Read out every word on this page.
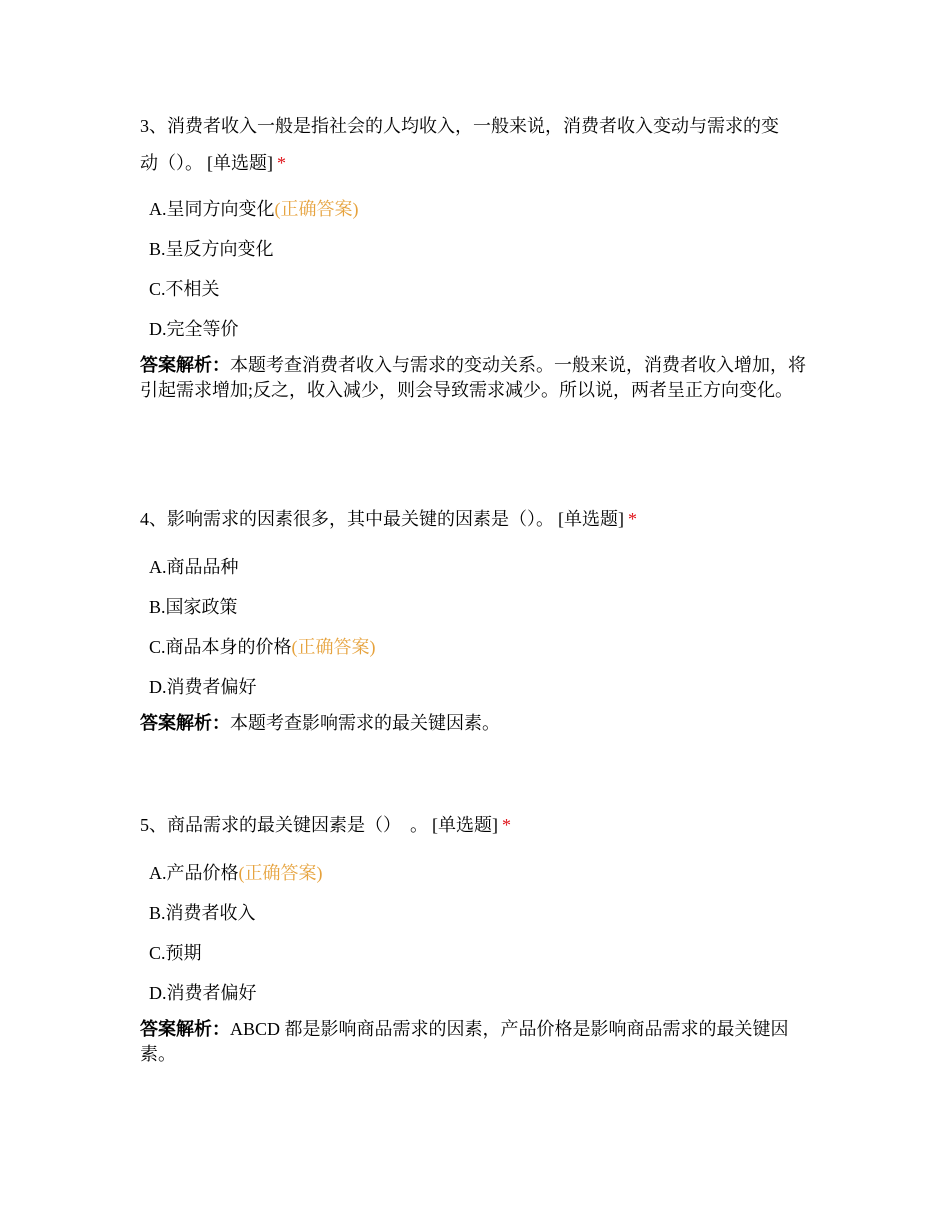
3、消费者收入一般是指社会的人均收入，一般来说，消费者收入变动与需求的变
动（）。 [单选题] *

A.呈同方向变化(正确答案)
B.呈反方向变化
C.不相关
D.完全等价
答案解析：本题考查消费者收入与需求的变动关系。一般来说，消费者收入增加，将引起需求增加;反之，收入减少，则会导致需求减少。所以说，两者呈正方向变化。

4、影响需求的因素很多，其中最关键的因素是（）。 [单选题] *

A.商品品种
B.国家政策
C.商品本身的价格(正确答案)
D.消费者偏好
答案解析：本题考查影响需求的最关键因素。

5、商品需求的最关键因素是（）　。 [单选题] *

A.产品价格(正确答案)
B.消费者收入
C.预期
D.消费者偏好
答案解析：ABCD 都是影响商品需求的因素，产品价格是影响商品需求的最关键因素。
